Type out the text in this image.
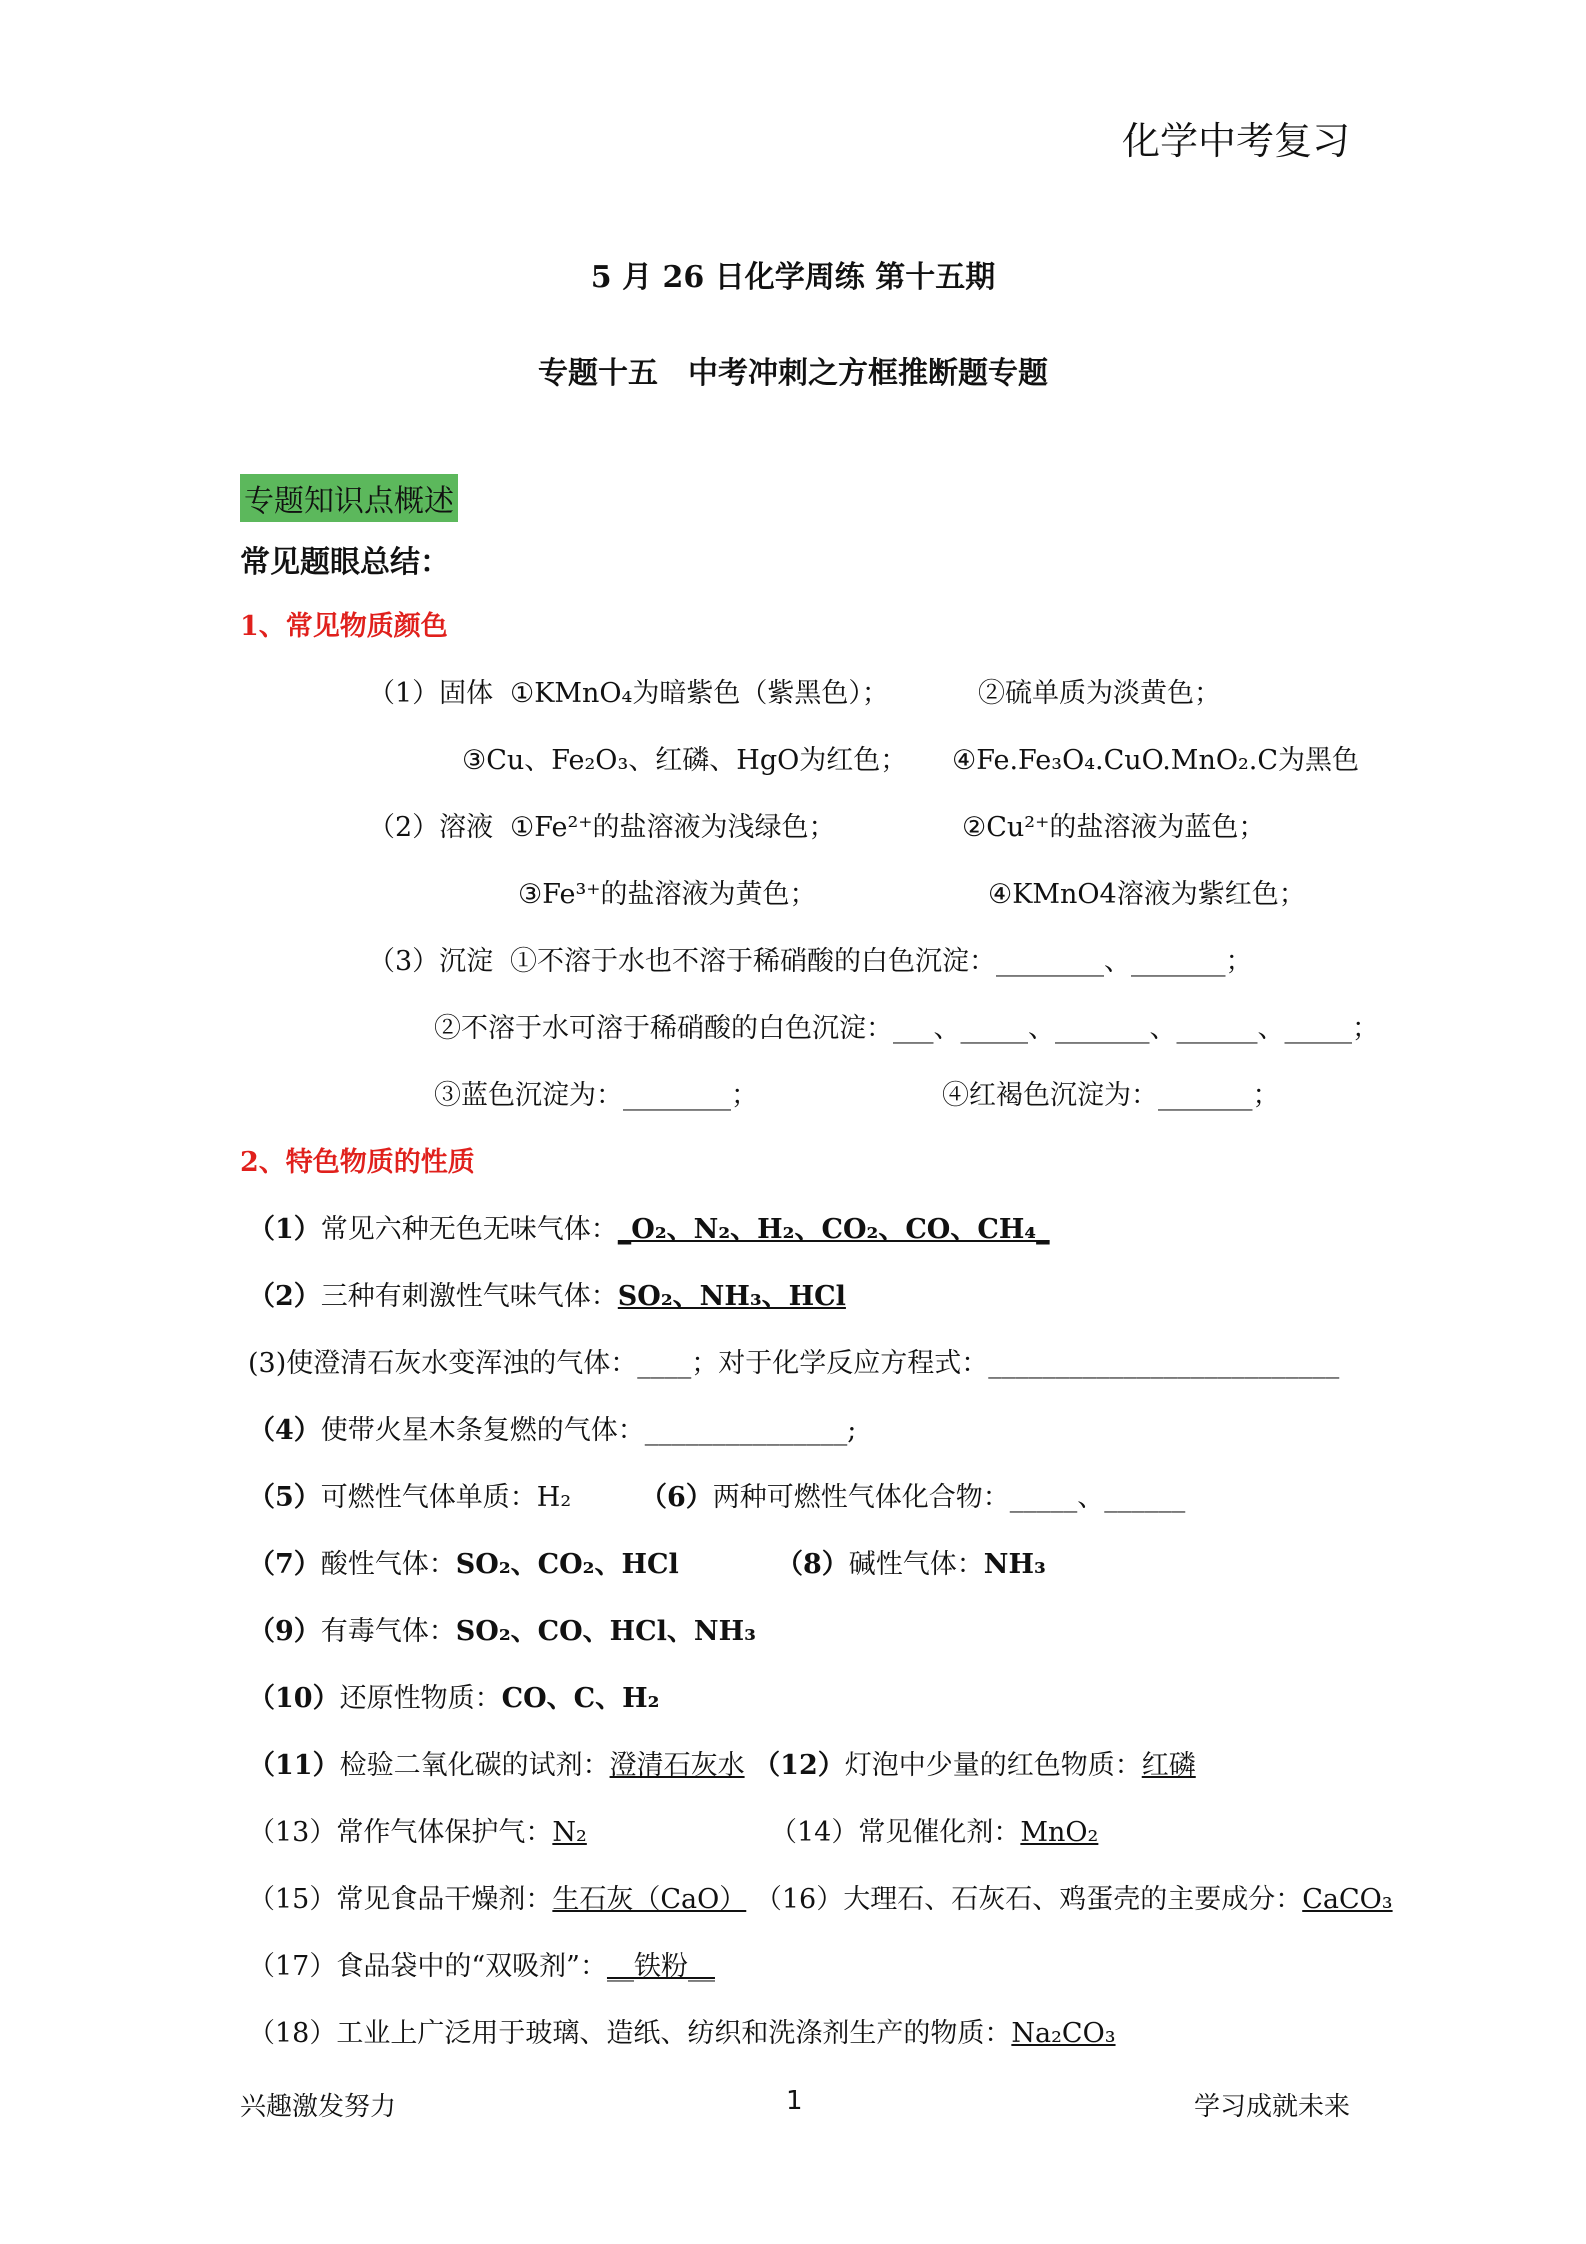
化学中考复习
5 月 26 日化学周练 第十五期
专题十五　中考冲刺之方框推断题专题
专题知识点概述
常见题眼总结：
1、常见物质颜色
（1）固体 ①KMnO₄为暗紫色（紫黑色）；	②硫单质为淡黄色；
③Cu、Fe₂O₃、红磷、HgO为红色； ④Fe.Fe₃O₄.CuO.MnO₂.C为黑色
（2）溶液 ①Fe²⁺的盐溶液为浅绿色；	②Cu²⁺的盐溶液为蓝色；
③Fe³⁺的盐溶液为黄色；	④KMnO4溶液为紫红色；
（3）沉淀 ①不溶于水也不溶于稀硝酸的白色沉淀：________、_______；
②不溶于水可溶于稀硝酸的白色沉淀：___、_____、_______、______、_____；
③蓝色沉淀为：________；	④红褐色沉淀为：_______；
2、特色物质的性质
（1）常见六种无色无味气体：_O₂、N₂、H₂、CO₂、CO、CH₄_
（2）三种有刺激性气味气体：SO₂、NH₃、HCl
(3)使澄清石灰水变浑浊的气体：____；对于化学反应方程式：__________________________
（4）使带火星木条复燃的气体：_______________;
（5）可燃性气体单质：H₂	（6）两种可燃性气体化合物：_____、______
（7）酸性气体：SO₂、CO₂、HCl	（8）碱性气体：NH₃
（9）有毒气体：SO₂、CO、HCl、NH₃
（10）还原性物质：CO、C、H₂
（11）检验二氧化碳的试剂：澄清石灰水 （12）灯泡中少量的红色物质：红磷
（13）常作气体保护气：N₂	（14）常见催化剂：MnO₂
（15）常见食品干燥剂：生石灰（CaO） （16）大理石、石灰石、鸡蛋壳的主要成分：CaCO₃
（17）食品袋中的“双吸剂”：__铁粉__
（18）工业上广泛用于玻璃、造纸、纺织和洗涤剂生产的物质：Na₂CO₃
兴趣激发努力	1	学习成就未来
